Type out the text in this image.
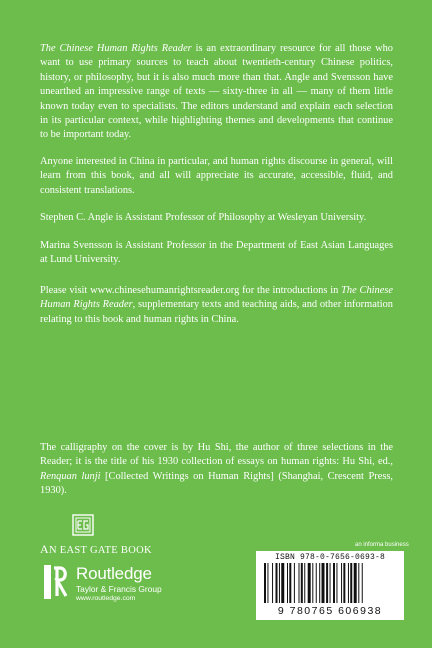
The Chinese Human Rights Reader is an extraordinary resource for all those who want to use primary sources to teach about twentieth-century Chinese politics, history, or philosophy, but it is also much more than that. Angle and Svensson have unearthed an impressive range of texts — sixty-three in all — many of them little known today even to specialists. The editors understand and explain each selection in its particular context, while highlighting themes and developments that continue to be important today.

Anyone interested in China in particular, and human rights discourse in general, will learn from this book, and all will appreciate its accurate, accessible, fluid, and consistent translations.

Stephen C. Angle is Assistant Professor of Philosophy at Wesleyan University.

Marina Svensson is Assistant Professor in the Department of East Asian Languages at Lund University.

Please visit www.chinesehumanrightsreader.org for the introductions in The Chinese Human Rights Reader, supplementary texts and teaching aids, and other information relating to this book and human rights in China.

The calligraphy on the cover is by Hu Shi, the author of three selections in the Reader; it is the title of his 1930 collection of essays on human rights: Hu Shi, ed., Renquan lunji [Collected Writings on Human Rights] (Shanghai, Crescent Press, 1930).

AN EAST GATE BOOK
Routledge
Taylor & Francis Group
www.routledge.com
an informa business
ISBN 978-0-7656-0693-8
9 780765 606938
